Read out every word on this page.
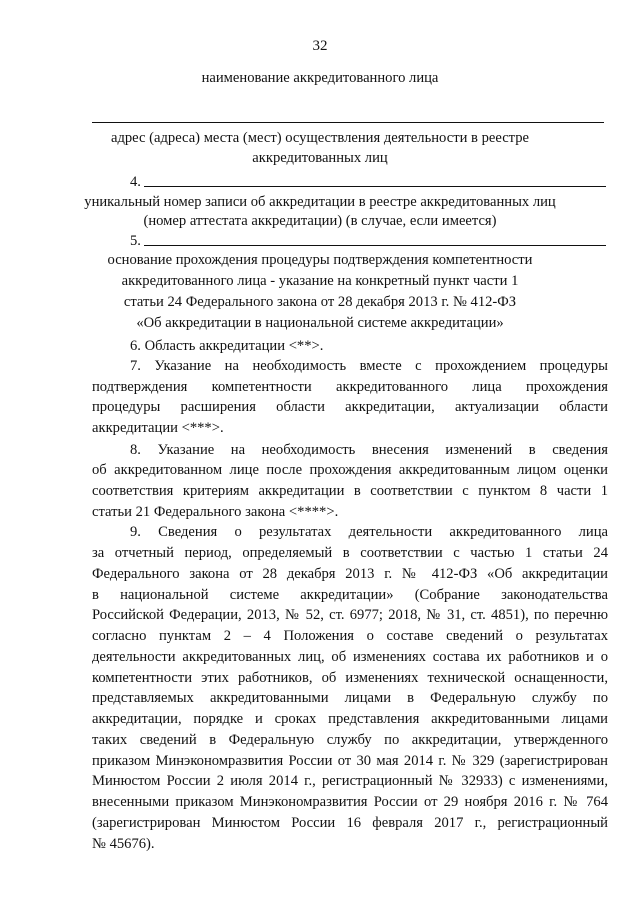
32
наименование аккредитованного лица
адрес (адреса) места (мест) осуществления деятельности в реестре
аккредитованных лиц
4.
уникальный номер записи об аккредитации в реестре аккредитованных лиц
(номер аттестата аккредитации) (в случае, если имеется)
5.
основание прохождения процедуры подтверждения компетентности
аккредитованного лица - указание на конкретный пункт части 1
статьи 24 Федерального закона от 28 декабря 2013 г. № 412-ФЗ
«Об аккредитации в национальной системе аккредитации»
6. Область аккредитации <**>.
7. Указание на необходимость вместе с прохождением процедуры
подтверждения компетентности аккредитованного лица прохождения
процедуры расширения области аккредитации, актуализации области
аккредитации <***>.
8. Указание на необходимость внесения изменений в сведения
об аккредитованном лице после прохождения аккредитованным лицом оценки
соответствия критериям аккредитации в соответствии с пунктом 8 части 1
статьи 21 Федерального закона <****>.
9. Сведения о результатах деятельности аккредитованного лица
за отчетный период, определяемый в соответствии с частью 1 статьи 24
Федерального закона от 28 декабря 2013 г. № 412-ФЗ «Об аккредитации
в национальной системе аккредитации» (Собрание законодательства
Российской Федерации, 2013, № 52, ст. 6977; 2018, № 31, ст. 4851), по перечню
согласно пунктам 2 – 4 Положения о составе сведений о результатах
деятельности аккредитованных лиц, об изменениях состава их работников и о
компетентности этих работников, об изменениях технической оснащенности,
представляемых аккредитованными лицами в Федеральную службу по
аккредитации, порядке и сроках представления аккредитованными лицами
таких сведений в Федеральную службу по аккредитации, утвержденного
приказом Минэкономразвития России от 30 мая 2014 г. № 329 (зарегистрирован
Минюстом России 2 июля 2014 г., регистрационный № 32933) с изменениями,
внесенными приказом Минэкономразвития России от 29 ноября 2016 г. № 764
(зарегистрирован Минюстом России 16 февраля 2017 г., регистрационный
№ 45676).
